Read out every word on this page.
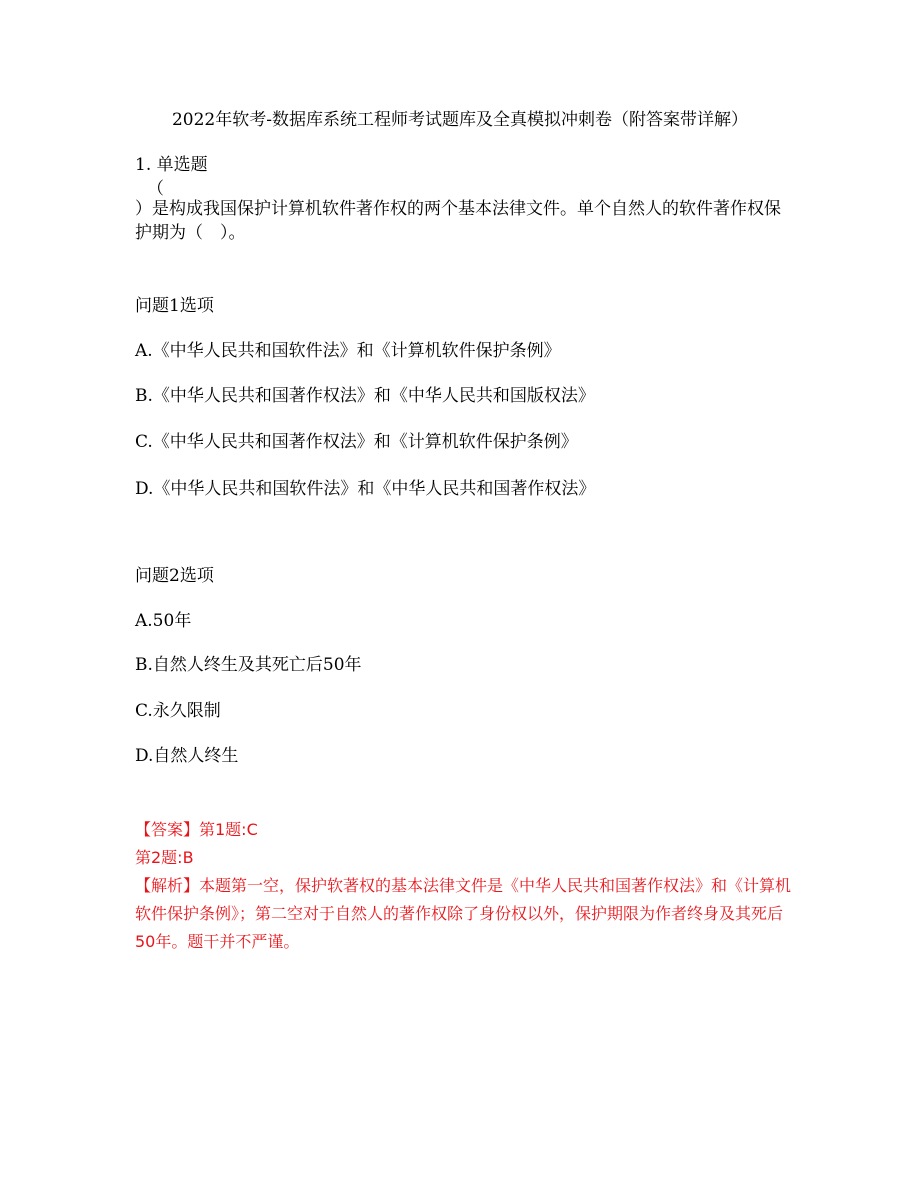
2022年软考-数据库系统工程师考试题库及全真模拟冲刺卷（附答案带详解）
1. 单选题
（
）是构成我国保护计算机软件著作权的两个基本法律文件。单个自然人的软件著作权保护期为（　）。
问题1选项
A.《中华人民共和国软件法》和《计算机软件保护条例》
B.《中华人民共和国著作权法》和《中华人民共和国版权法》
C.《中华人民共和国著作权法》和《计算机软件保护条例》
D.《中华人民共和国软件法》和《中华人民共和国著作权法》
问题2选项
A.50年
B.自然人终生及其死亡后50年
C.永久限制
D.自然人终生
【答案】第1题:C
第2题:B
【解析】本题第一空，保护软著权的基本法律文件是《中华人民共和国著作权法》和《计算机软件保护条例》；第二空对于自然人的著作权除了身份权以外，保护期限为作者终身及其死后50年。题干并不严谨。
